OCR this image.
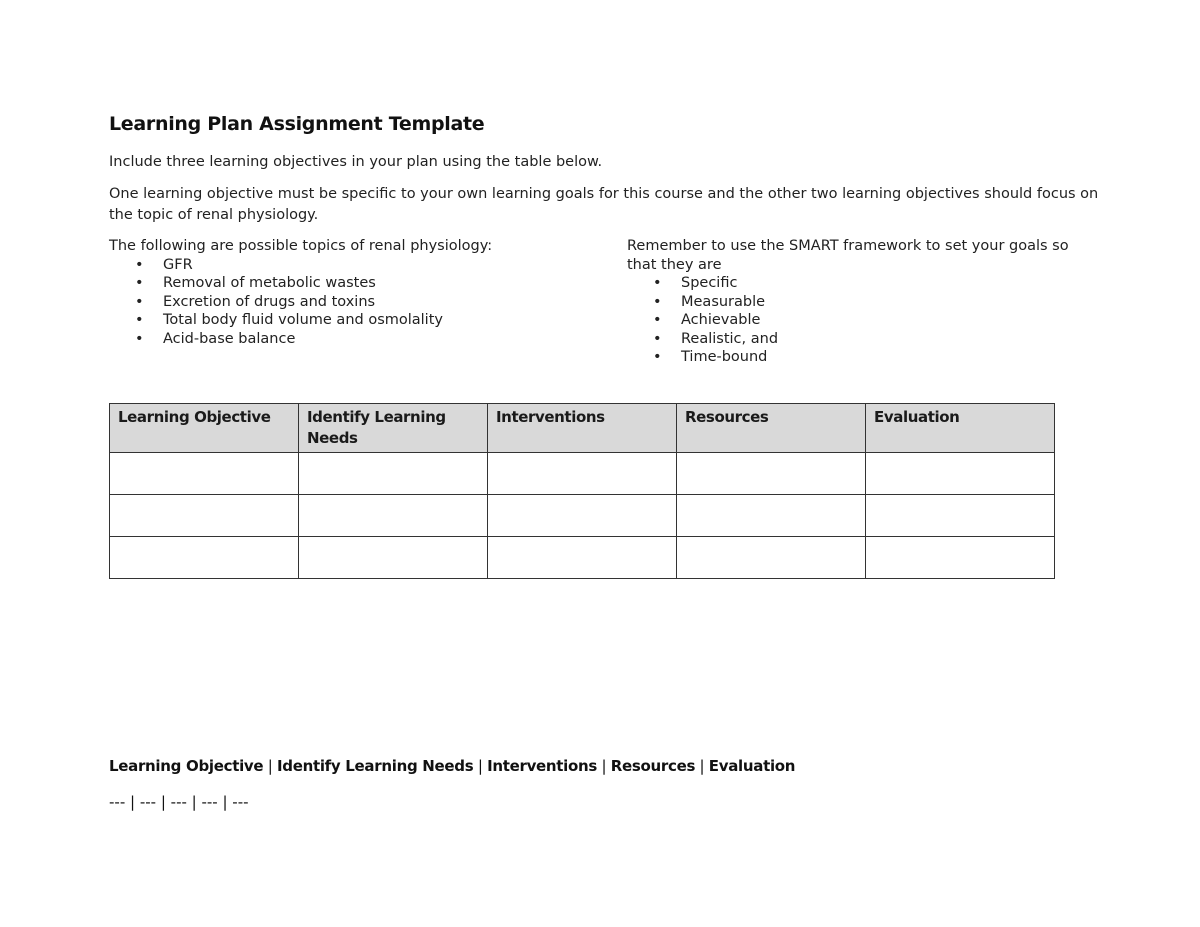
Learning Plan Assignment Template
Include three learning objectives in your plan using the table below.
One learning objective must be specific to your own learning goals for this course and the other two learning objectives should focus on the topic of renal physiology.
The following are possible topics of renal physiology:
• GFR
• Removal of metabolic wastes
• Excretion of drugs and toxins
• Total body fluid volume and osmolality
• Acid-base balance
Remember to use the SMART framework to set your goals so that they are
• Specific
• Measurable
• Achievable
• Realistic, and
• Time-bound
Learning Objective	Identify Learning Needs	Interventions	Resources	Evaluation

Learning Objective | Identify Learning Needs | Interventions | Resources | Evaluation
--- | --- | --- | --- | ---
